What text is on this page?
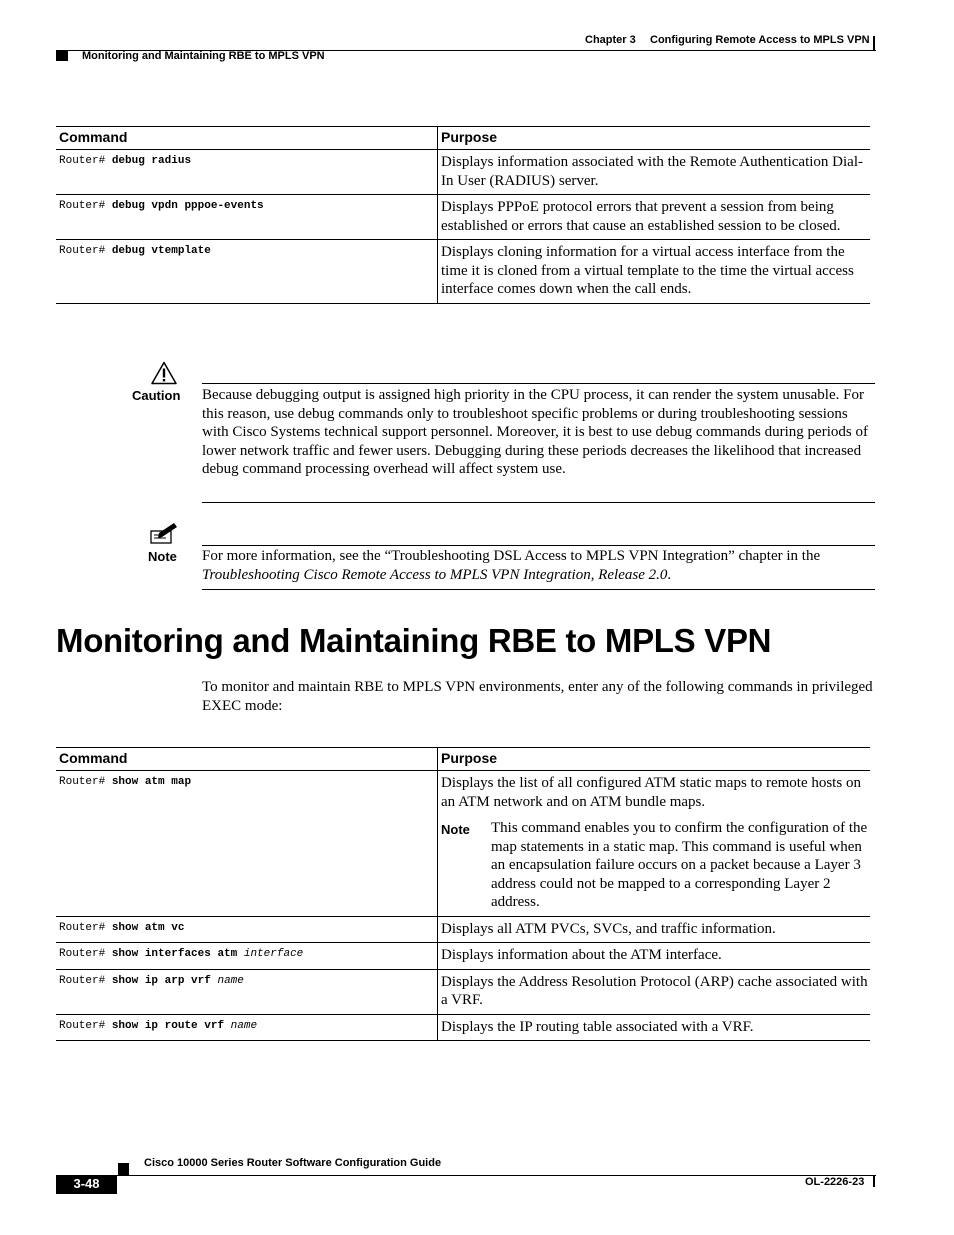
Chapter 3 Configuring Remote Access to MPLS VPN
Monitoring and Maintaining RBE to MPLS VPN
Command	Purpose
Router# debug radius	Displays information associated with the Remote Authentication Dial-In User (RADIUS) server.
Router# debug vpdn pppoe-events	Displays PPPoE protocol errors that prevent a session from being established or errors that cause an established session to be closed.
Router# debug vtemplate	Displays cloning information for a virtual access interface from the time it is cloned from a virtual template to the time the virtual access interface comes down when the call ends.
Caution Because debugging output is assigned high priority in the CPU process, it can render the system unusable. For this reason, use debug commands only to troubleshoot specific problems or during troubleshooting sessions with Cisco Systems technical support personnel. Moreover, it is best to use debug commands during periods of lower network traffic and fewer users. Debugging during these periods decreases the likelihood that increased debug command processing overhead will affect system use.
Note For more information, see the “Troubleshooting DSL Access to MPLS VPN Integration” chapter in the Troubleshooting Cisco Remote Access to MPLS VPN Integration, Release 2.0.
Monitoring and Maintaining RBE to MPLS VPN
To monitor and maintain RBE to MPLS VPN environments, enter any of the following commands in privileged EXEC mode:
Command	Purpose
Router# show atm map	Displays the list of all configured ATM static maps to remote hosts on an ATM network and on ATM bundle maps.
Note This command enables you to confirm the configuration of the map statements in a static map. This command is useful when an encapsulation failure occurs on a packet because a Layer 3 address could not be mapped to a corresponding Layer 2 address.

Router# show atm vc	Displays all ATM PVCs, SVCs, and traffic information.
Router# show interfaces atm interface	Displays information about the ATM interface.
Router# show ip arp vrf name	Displays the Address Resolution Protocol (ARP) cache associated with a VRF.
Router# show ip route vrf name	Displays the IP routing table associated with a VRF.
Cisco 10000 Series Router Software Configuration Guide
3-48	OL-2226-23
